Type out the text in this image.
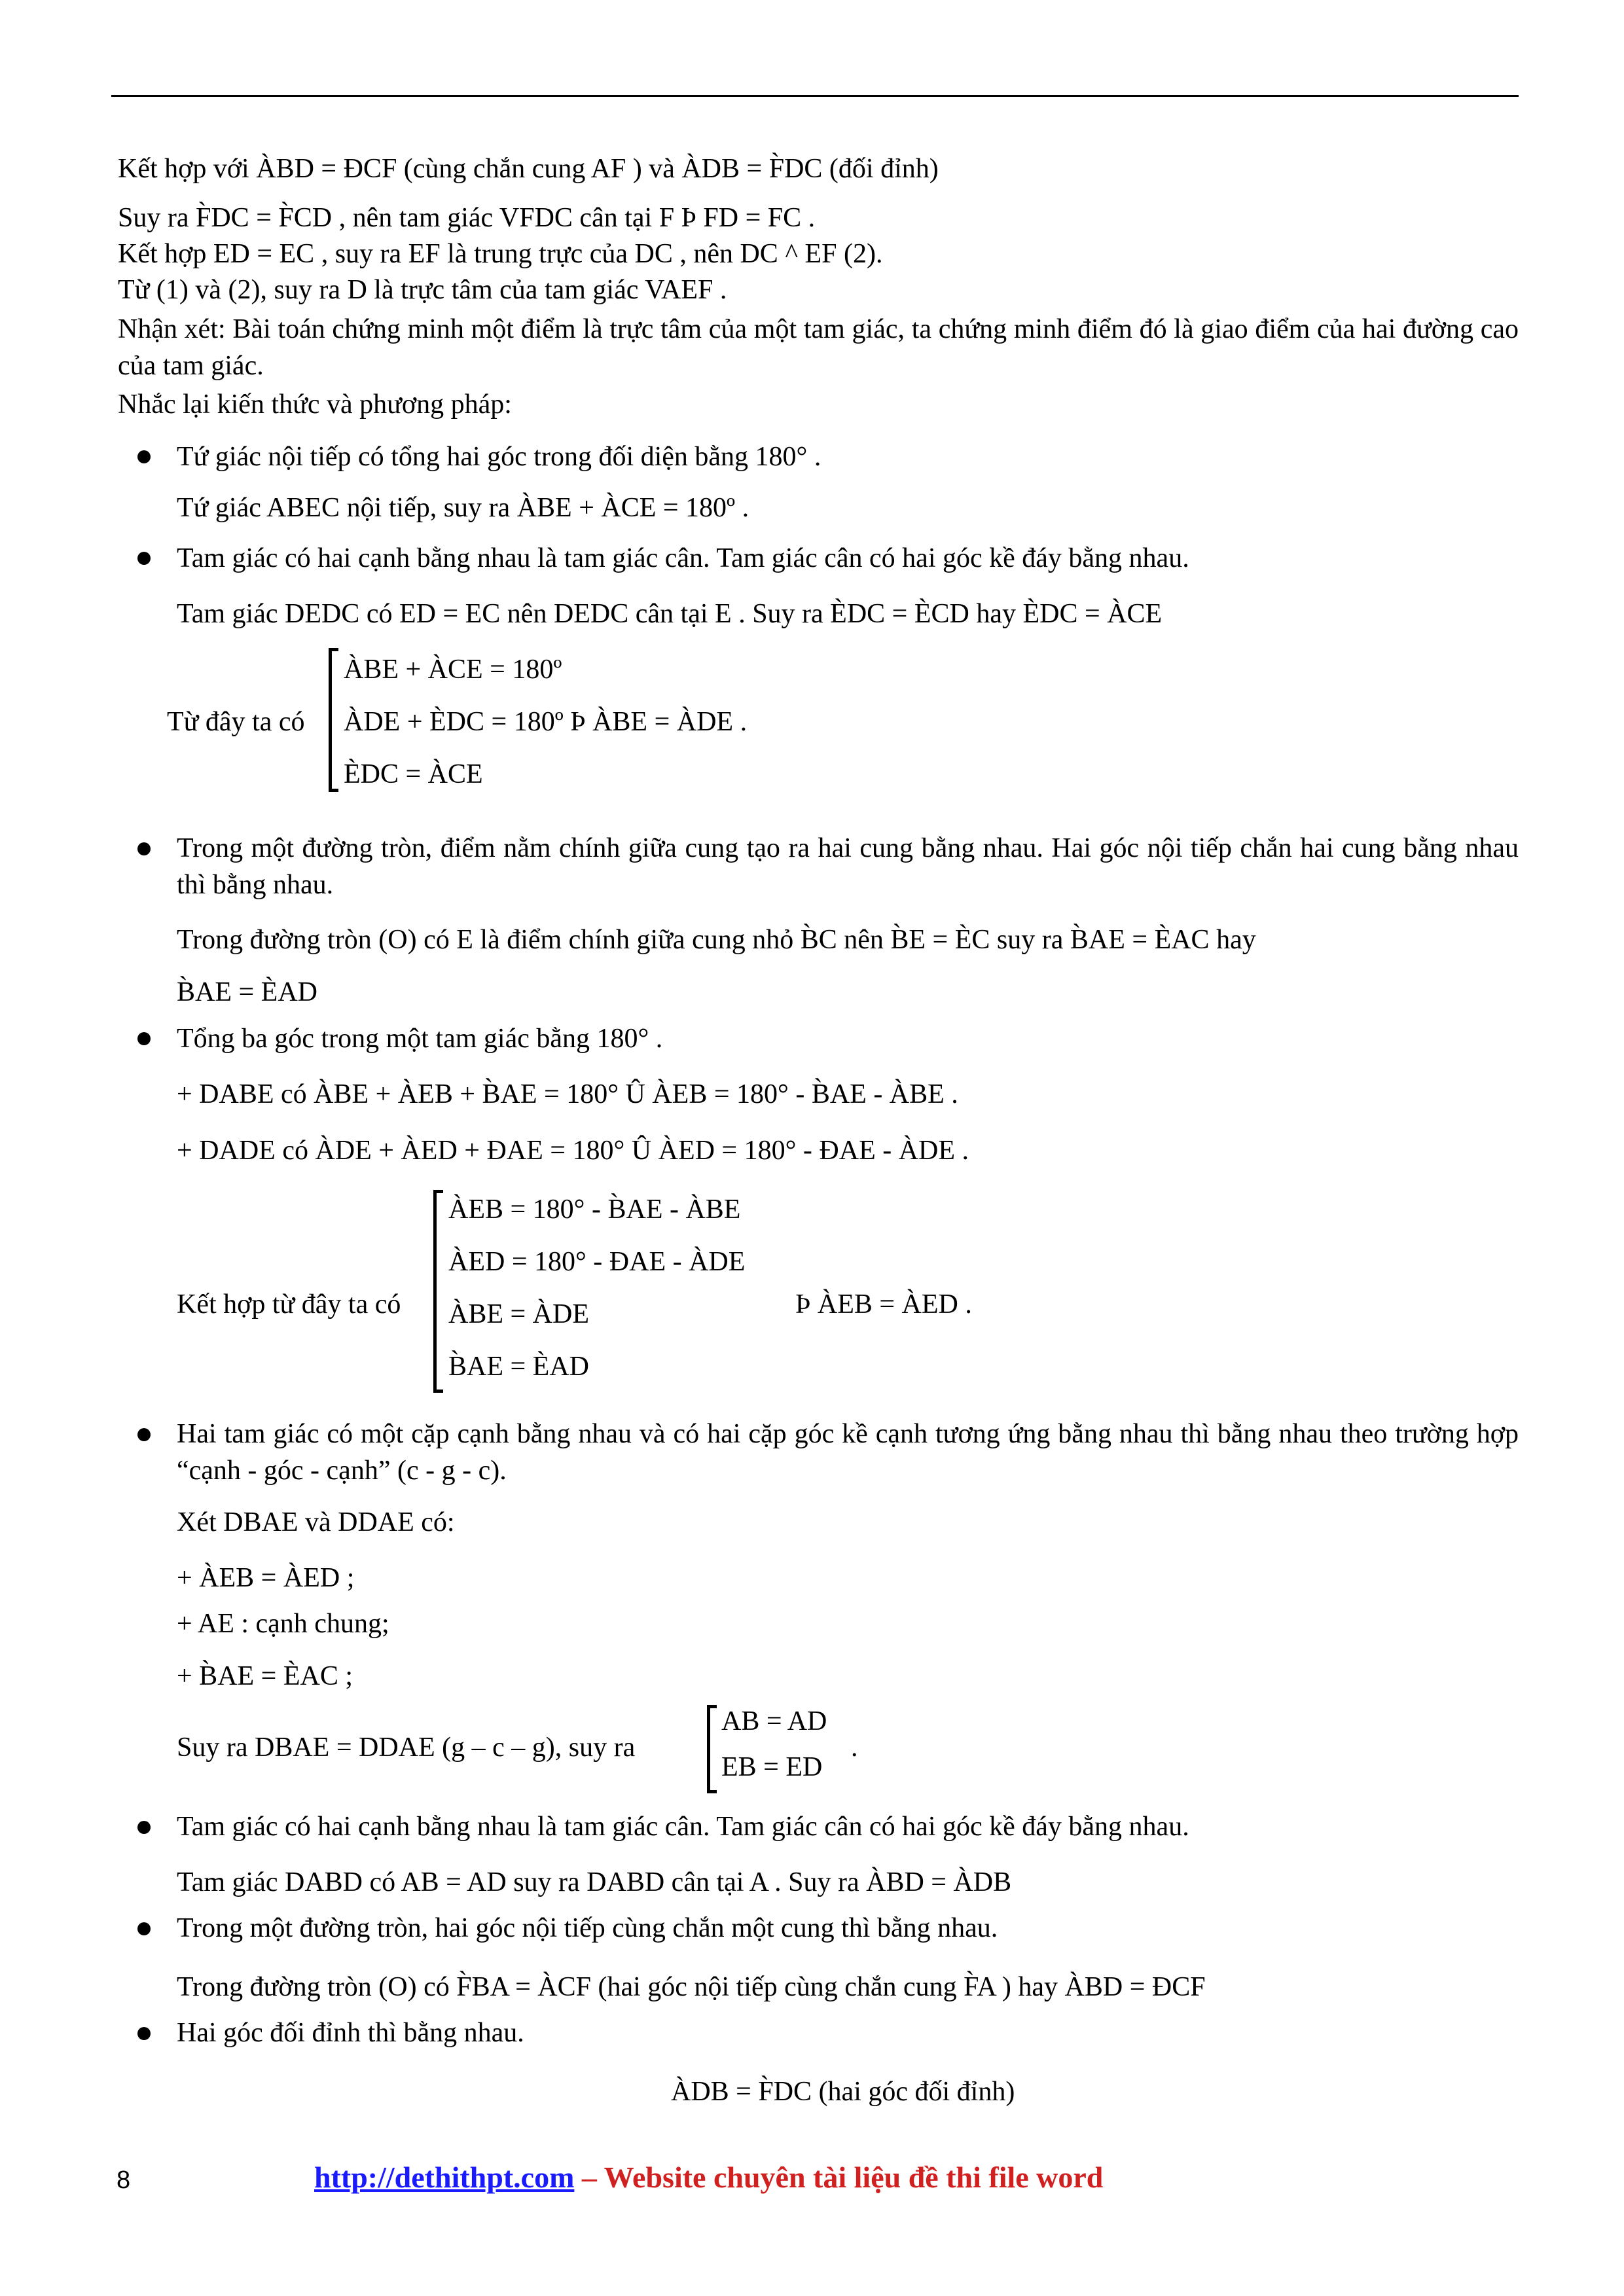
Kết hợp với ÀBD = ĐCF (cùng chắn cung AF ) và ÀDB = F̀DC (đối đỉnh)
Suy ra F̀DC = F̀CD , nên tam giác VFDC cân tại F Þ FD = FC .
Kết hợp ED = EC , suy ra EF là trung trực của DC , nên DC ^ EF (2).
Từ (1) và (2), suy ra D là trực tâm của tam giác VAEF .
Nhận xét: Bài toán chứng minh một điểm là trực tâm của một tam giác, ta chứng minh điểm đó là giao điểm của hai đường cao của tam giác.
Nhắc lại kiến thức và phương pháp:
Tứ giác nội tiếp có tổng hai góc trong đối diện bằng 180° .
Tứ giác ABEC nội tiếp, suy ra ÀBE + ÀCE = 180º .
Tam giác có hai cạnh bằng nhau là tam giác cân. Tam giác cân có hai góc kề đáy bằng nhau.
Tam giác DEDC có ED = EC nên DEDC cân tại E . Suy ra ÈDC = ÈCD hay ÈDC = ÀCE
Từ đây ta có
ÀBE + ÀCE = 180º
ÀDE + ÈDC = 180º Þ ÀBE = ÀDE .
ÈDC = ÀCE
Trong một đường tròn, điểm nằm chính giữa cung tạo ra hai cung bằng nhau. Hai góc nội tiếp chắn hai cung bằng nhau thì bằng nhau.
Trong đường tròn (O) có E là điểm chính giữa cung nhỏ B̀C nên B̀E = ÈC suy ra B̀AE = ÈAC hay
B̀AE = ÈAD
Tổng ba góc trong một tam giác bằng 180° .
+ DABE có ÀBE + ÀEB + B̀AE = 180° Û ÀEB = 180° - B̀AE - ÀBE .
+ DADE có ÀDE + ÀED + ĐAE = 180° Û ÀED = 180° - ĐAE - ÀDE .
Kết hợp từ đây ta có
ÀEB = 180° - B̀AE - ÀBE
ÀED = 180° - ĐAE - ÀDE
ÀBE = ÀDE
B̀AE = ÈAD
Þ ÀEB = ÀED .
Hai tam giác có một cặp cạnh bằng nhau và có hai cặp góc kề cạnh tương ứng bằng nhau thì bằng nhau theo trường hợp “cạnh - góc - cạnh” (c - g - c).
Xét DBAE và DDAE có:
+ ÀEB = ÀED ;
+ AE : cạnh chung;
+ B̀AE = ÈAC ;
Suy ra DBAE = DDAE (g – c – g), suy ra
AB = AD
EB = ED
.
Tam giác có hai cạnh bằng nhau là tam giác cân. Tam giác cân có hai góc kề đáy bằng nhau.
Tam giác DABD có AB = AD suy ra DABD cân tại A . Suy ra ÀBD = ÀDB
Trong một đường tròn, hai góc nội tiếp cùng chắn một cung thì bằng nhau.
Trong đường tròn (O) có F̀BA = ÀCF (hai góc nội tiếp cùng chắn cung F̀A ) hay ÀBD = ĐCF
Hai góc đối đỉnh thì bằng nhau.
ÀDB = F̀DC (hai góc đối đỉnh)
8	http://dethithpt.com – Website chuyên tài liệu đề thi file word
